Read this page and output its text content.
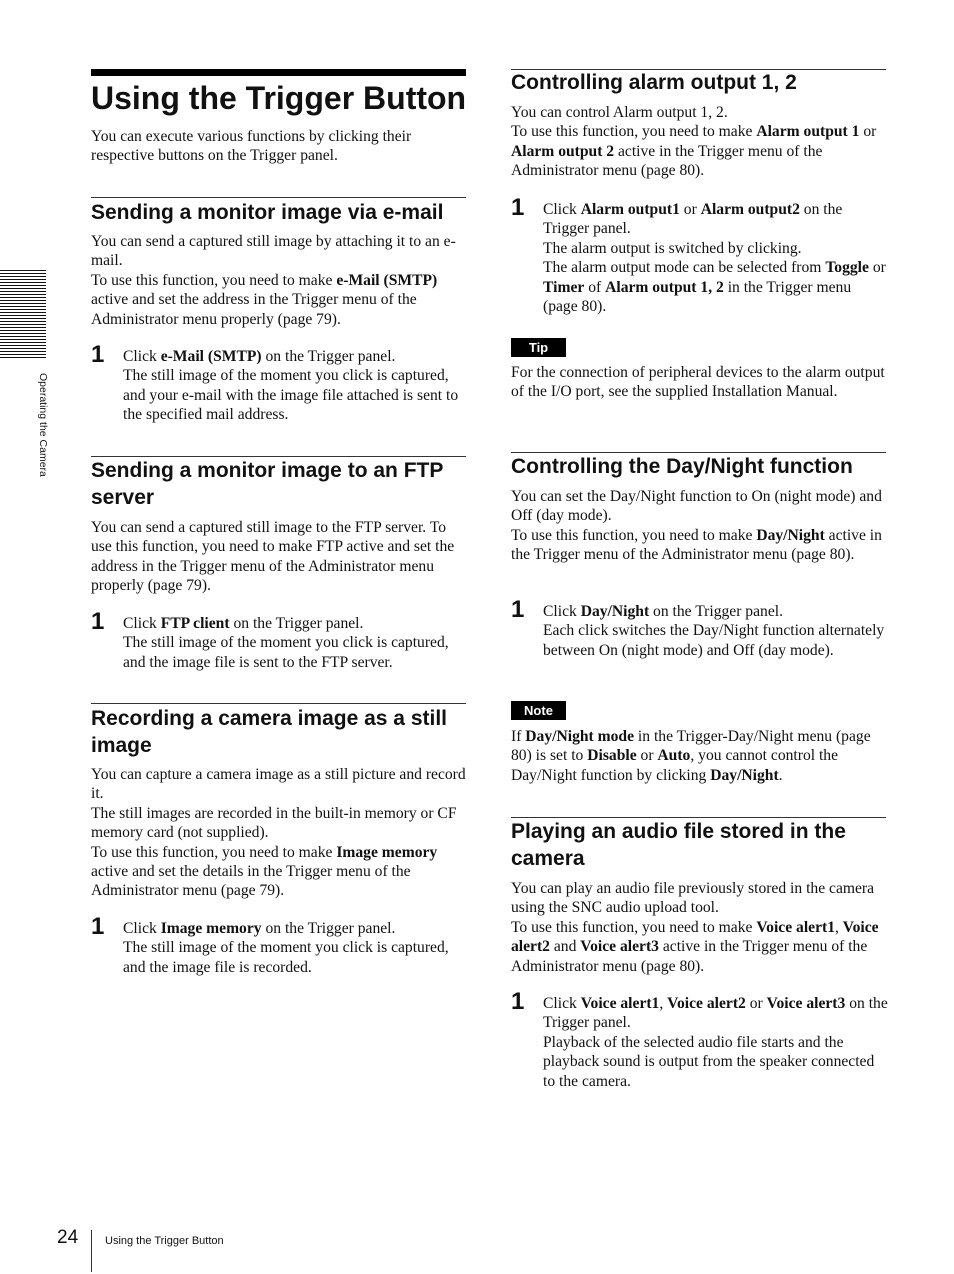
Operating the Camera
Using the Trigger Button

You can execute various functions by clicking their respective buttons on the Trigger panel.

Sending a monitor image via e-mail

You can send a captured still image by attaching it to an e-mail.

To use this function, you need to make e-Mail (SMTP) active and set the address in the Trigger menu of the Administrator menu properly (page 79).

1 Click e-Mail (SMTP) on the Trigger panel.

The still image of the moment you click is captured, and your e-mail with the image file attached is sent to the specified mail address.

Sending a monitor image to an FTP server

You can send a captured still image to the FTP server. To use this function, you need to make FTP active and set the address in the Trigger menu of the Administrator menu properly (page 79).

1 Click FTP client on the Trigger panel.

The still image of the moment you click is captured, and the image file is sent to the FTP server.

Recording a camera image as a still image

You can capture a camera image as a still picture and record it.

The still images are recorded in the built-in memory or CF memory card (not supplied).

To use this function, you need to make Image memory active and set the details in the Trigger menu of the Administrator menu (page 79).

1 Click Image memory on the Trigger panel.

The still image of the moment you click is captured, and the image file is recorded.

Controlling alarm output 1, 2

You can control Alarm output 1, 2.

To use this function, you need to make Alarm output 1 or Alarm output 2 active in the Trigger menu of the Administrator menu (page 80).

1 Click Alarm output1 or Alarm output2 on the Trigger panel.

The alarm output is switched by clicking.

The alarm output mode can be selected from Toggle or Timer of Alarm output 1, 2 in the Trigger menu (page 80).

Tip

For the connection of peripheral devices to the alarm output of the I/O port, see the supplied Installation Manual.

Controlling the Day/Night function

You can set the Day/Night function to On (night mode) and Off (day mode).

To use this function, you need to make Day/Night active in the Trigger menu of the Administrator menu (page 80).

1 Click Day/Night on the Trigger panel.

Each click switches the Day/Night function alternately between On (night mode) and Off (day mode).

Note

If Day/Night mode in the Trigger-Day/Night menu (page 80) is set to Disable or Auto, you cannot control the Day/Night function by clicking Day/Night.

Playing an audio file stored in the camera

You can play an audio file previously stored in the camera using the SNC audio upload tool.

To use this function, you need to make Voice alert1, Voice alert2 and Voice alert3 active in the Trigger menu of the Administrator menu (page 80).

1 Click Voice alert1, Voice alert2 or Voice alert3 on the Trigger panel.

Playback of the selected audio file starts and the playback sound is output from the speaker connected to the camera.

24 Using the Trigger Button
